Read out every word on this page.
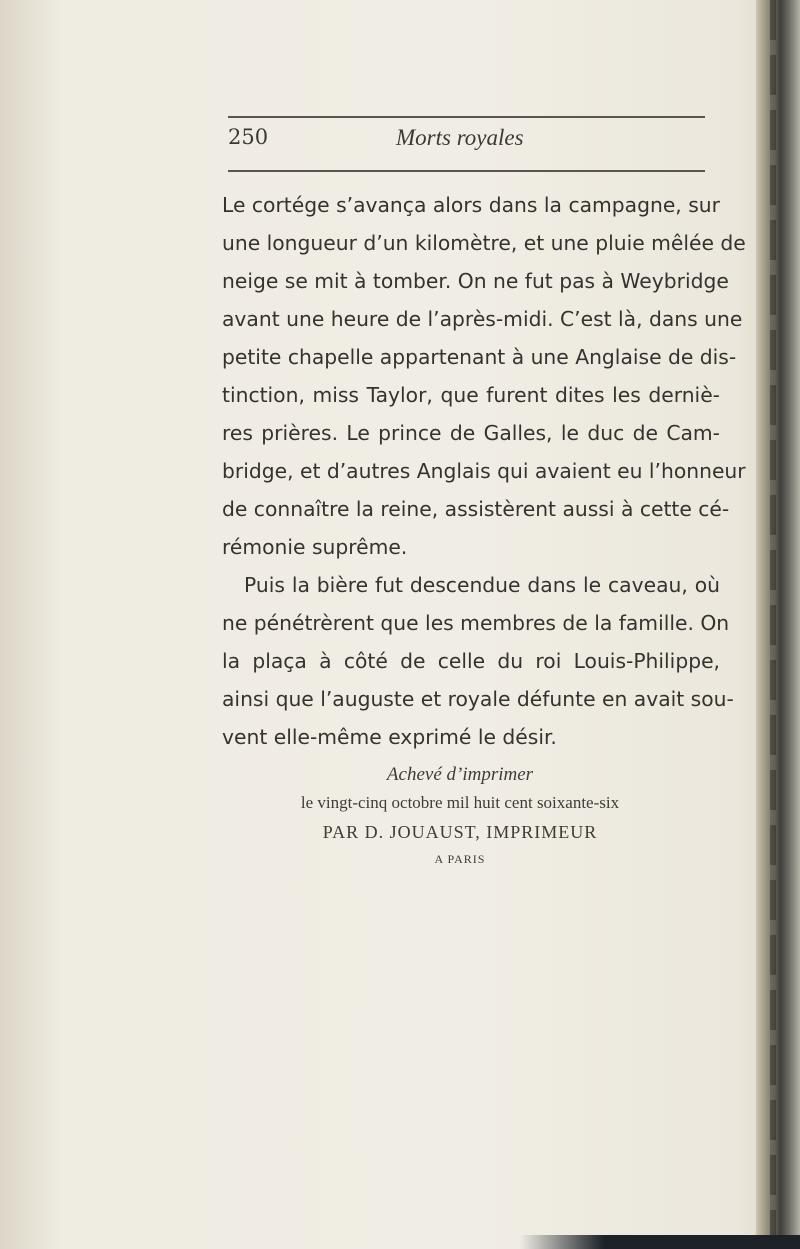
250	Morts royales
Le cortége s’avança alors dans la campagne, sur
une longueur d’un kilomètre, et une pluie mêlée de
neige se mit à tomber. On ne fut pas à Weybridge
avant une heure de l’après-midi. C’est là, dans une
petite chapelle appartenant à une Anglaise de dis-
tinction, miss Taylor, que furent dites les derniè-
res prières. Le prince de Galles, le duc de Cam-
bridge, et d’autres Anglais qui avaient eu l’honneur
de connaître la reine, assistèrent aussi à cette cé-
rémonie suprême.
Puis la bière fut descendue dans le caveau, où
ne pénétrèrent que les membres de la famille. On
la plaça à côté de celle du roi Louis-Philippe,
ainsi que l’auguste et royale défunte en avait sou-
vent elle-même exprimé le désir.
Achevé d’imprimer
le vingt-cinq octobre mil huit cent soixante-six
PAR D. JOUAUST, IMPRIMEUR
A PARIS
